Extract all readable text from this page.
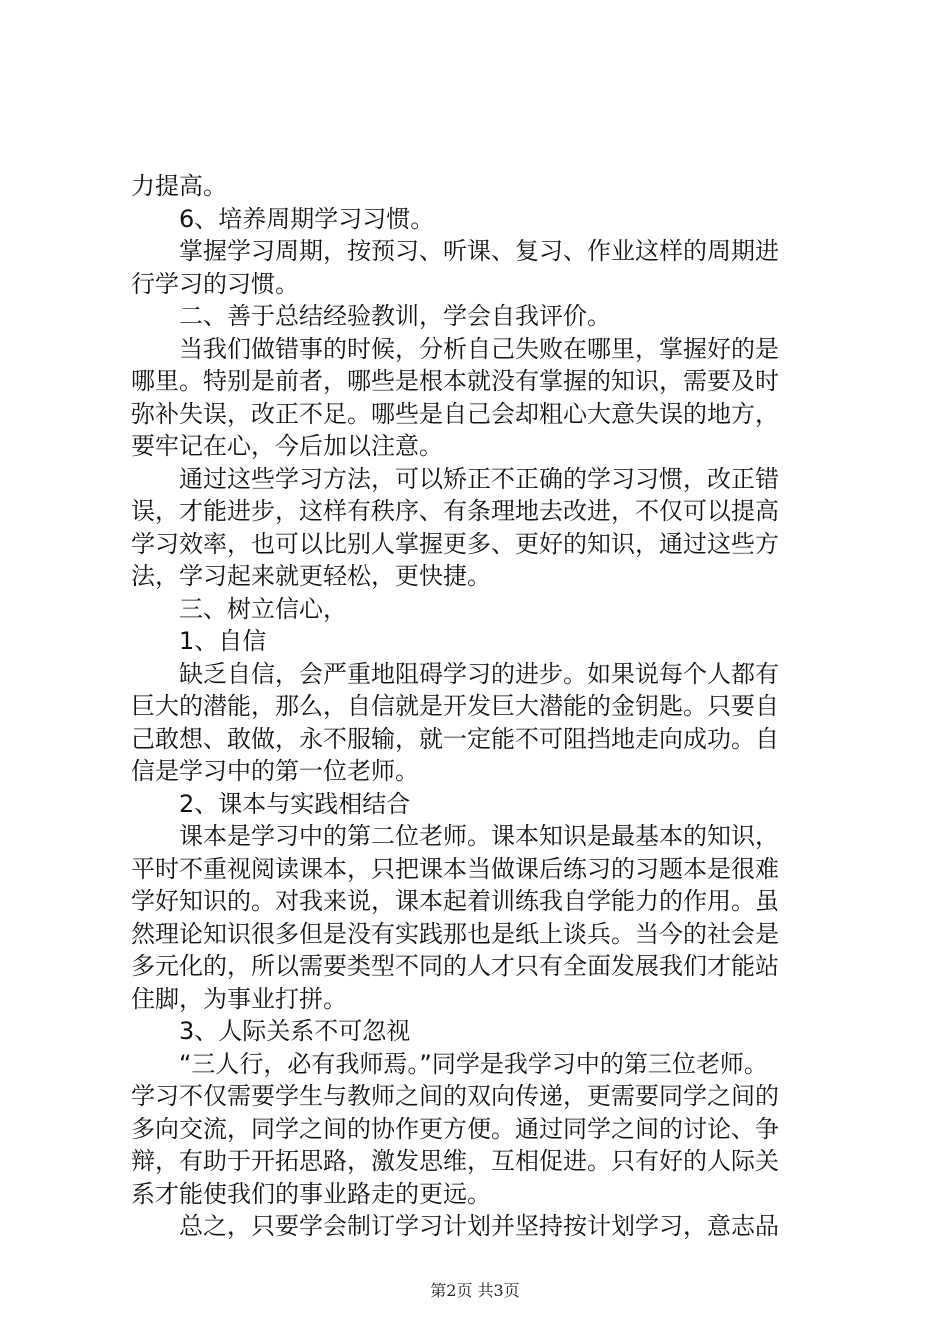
力提高。

6、培养周期学习习惯。

掌握学习周期，按预习、听课、复习、作业这样的周期进

行学习的习惯。

二、善于总结经验教训，学会自我评价。

当我们做错事的时候，分析自己失败在哪里，掌握好的是

哪里。特别是前者，哪些是根本就没有掌握的知识，需要及时

弥补失误，改正不足。哪些是自己会却粗心大意失误的地方，

要牢记在心，今后加以注意。

通过这些学习方法，可以矫正不正确的学习习惯，改正错

误，才能进步，这样有秩序、有条理地去改进，不仅可以提高

学习效率，也可以比别人掌握更多、更好的知识，通过这些方

法，学习起来就更轻松，更快捷。

三、树立信心，

1、自信

缺乏自信，会严重地阻碍学习的进步。如果说每个人都有

巨大的潜能，那么，自信就是开发巨大潜能的金钥匙。只要自

己敢想、敢做，永不服输，就一定能不可阻挡地走向成功。自

信是学习中的第一位老师。

2、课本与实践相结合

课本是学习中的第二位老师。课本知识是最基本的知识，

平时不重视阅读课本，只把课本当做课后练习的习题本是很难

学好知识的。对我来说，课本起着训练我自学能力的作用。虽

然理论知识很多但是没有实践那也是纸上谈兵。当今的社会是

多元化的，所以需要类型不同的人才只有全面发展我们才能站

住脚，为事业打拼。

3、人际关系不可忽视

“三人行，必有我师焉。”同学是我学习中的第三位老师。

学习不仅需要学生与教师之间的双向传递，更需要同学之间的

多向交流，同学之间的协作更方便。通过同学之间的讨论、争

辩，有助于开拓思路，激发思维，互相促进。只有好的人际关

系才能使我们的事业路走的更远。

总之，只要学会制订学习计划并坚持按计划学习，意志品

第2页 共3页
